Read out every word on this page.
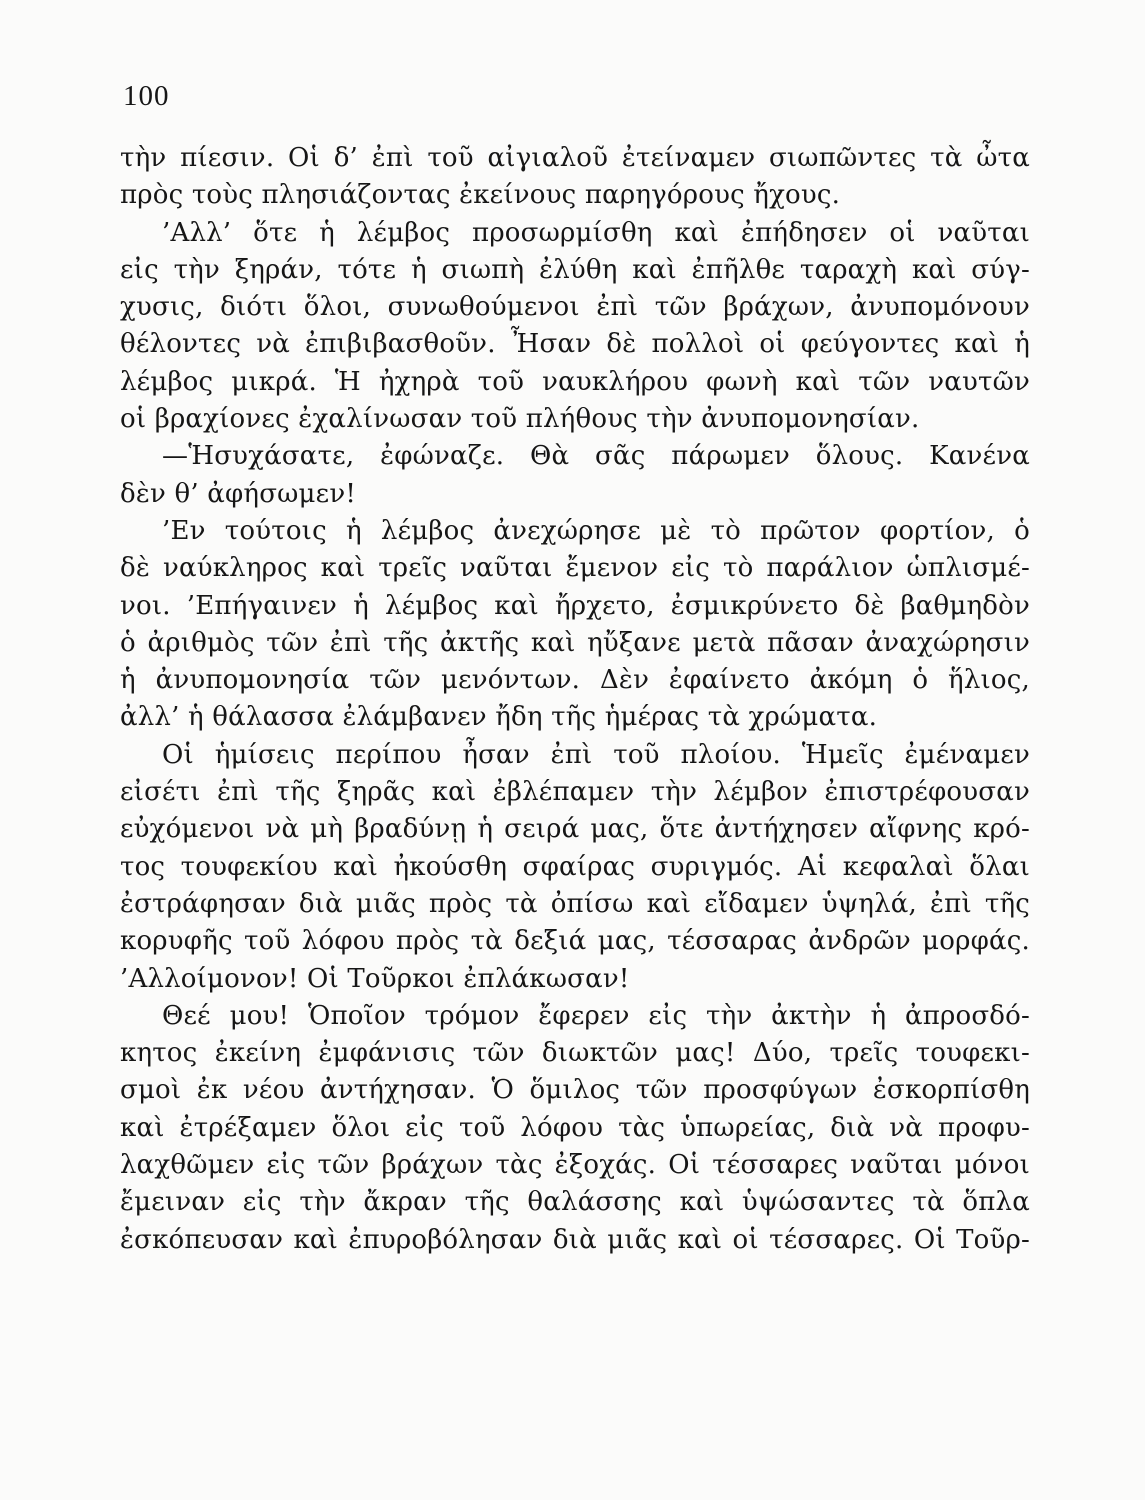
100
τὴν πίεσιν. Οἱ δ’ ἐπὶ τοῦ αἰγιαλοῦ ἐτείναμεν σιωπῶντες τὰ ὦτα
πρὸς τοὺς πλησιάζοντας ἐκείνους παρηγόρους ἤχους.
’Αλλ’ ὅτε ἡ λέμβος προσωρμίσθη καὶ ἐπήδησεν οἱ ναῦται
εἰς τὴν ξηράν, τότε ἡ σιωπὴ ἐλύθη καὶ ἐπῆλθε ταραχὴ καὶ σύγ-
χυσις, διότι ὅλοι, συνωθούμενοι ἐπὶ τῶν βράχων, ἀνυπομόνουν
θέλοντες νὰ ἐπιβιβασθοῦν. Ἦσαν δὲ πολλοὶ οἱ φεύγοντες καὶ ἡ
λέμβος μικρά. Ἡ ἠχηρὰ τοῦ ναυκλήρου φωνὴ καὶ τῶν ναυτῶν
οἱ βραχίονες ἐχαλίνωσαν τοῦ πλήθους τὴν ἀνυπομονησίαν.
—Ἡσυχάσατε, ἐφώναζε. Θὰ σᾶς πάρωμεν ὅλους. Κανένα
δὲν θ’ ἀφήσωμεν!
’Εν τούτοις ἡ λέμβος ἀνεχώρησε μὲ τὸ πρῶτον φορτίον, ὁ
δὲ ναύκληρος καὶ τρεῖς ναῦται ἔμενον εἰς τὸ παράλιον ὡπλισμέ-
νοι. ’Επήγαινεν ἡ λέμβος καὶ ἤρχετο, ἐσμικρύνετο δὲ βαθμηδὸν
ὁ ἀριθμὸς τῶν ἐπὶ τῆς ἀκτῆς καὶ ηὔξανε μετὰ πᾶσαν ἀναχώρησιν
ἡ ἀνυπομονησία τῶν μενόντων. Δὲν ἐφαίνετο ἀκόμη ὁ ἥλιος,
ἀλλ’ ἡ θάλασσα ἐλάμβανεν ἤδη τῆς ἡμέρας τὰ χρώματα.
Οἱ ἡμίσεις περίπου ἦσαν ἐπὶ τοῦ πλοίου. Ἡμεῖς ἐμέναμεν
εἰσέτι ἐπὶ τῆς ξηρᾶς καὶ ἐβλέπαμεν τὴν λέμβον ἐπιστρέφουσαν
εὐχόμενοι νὰ μὴ βραδύνῃ ἡ σειρά μας, ὅτε ἀντήχησεν αἴφνης κρό-
τος τουφεκίου καὶ ἠκούσθη σφαίρας συριγμός. Αἱ κεφαλαὶ ὅλαι
ἐστράφησαν διὰ μιᾶς πρὸς τὰ ὀπίσω καὶ εἴδαμεν ὑψηλά, ἐπὶ τῆς
κορυφῆς τοῦ λόφου πρὸς τὰ δεξιά μας, τέσσαρας ἀνδρῶν μορφάς.
’Αλλοίμονον! Οἱ Τοῦρκοι ἐπλάκωσαν!
Θεέ μου! Ὁποῖον τρόμον ἔφερεν εἰς τὴν ἀκτὴν ἡ ἀπροσδό-
κητος ἐκείνη ἐμφάνισις τῶν διωκτῶν μας! Δύο, τρεῖς τουφεκι-
σμοὶ ἐκ νέου ἀντήχησαν. Ὁ ὅμιλος τῶν προσφύγων ἐσκορπίσθη
καὶ ἐτρέξαμεν ὅλοι εἰς τοῦ λόφου τὰς ὑπωρείας, διὰ νὰ προφυ-
λαχθῶμεν εἰς τῶν βράχων τὰς ἐξοχάς. Οἱ τέσσαρες ναῦται μόνοι
ἔμειναν εἰς τὴν ἄκραν τῆς θαλάσσης καὶ ὑψώσαντες τὰ ὅπλα
ἐσκόπευσαν καὶ ἐπυροβόλησαν διὰ μιᾶς καὶ οἱ τέσσαρες. Οἱ Τοῦρ-
